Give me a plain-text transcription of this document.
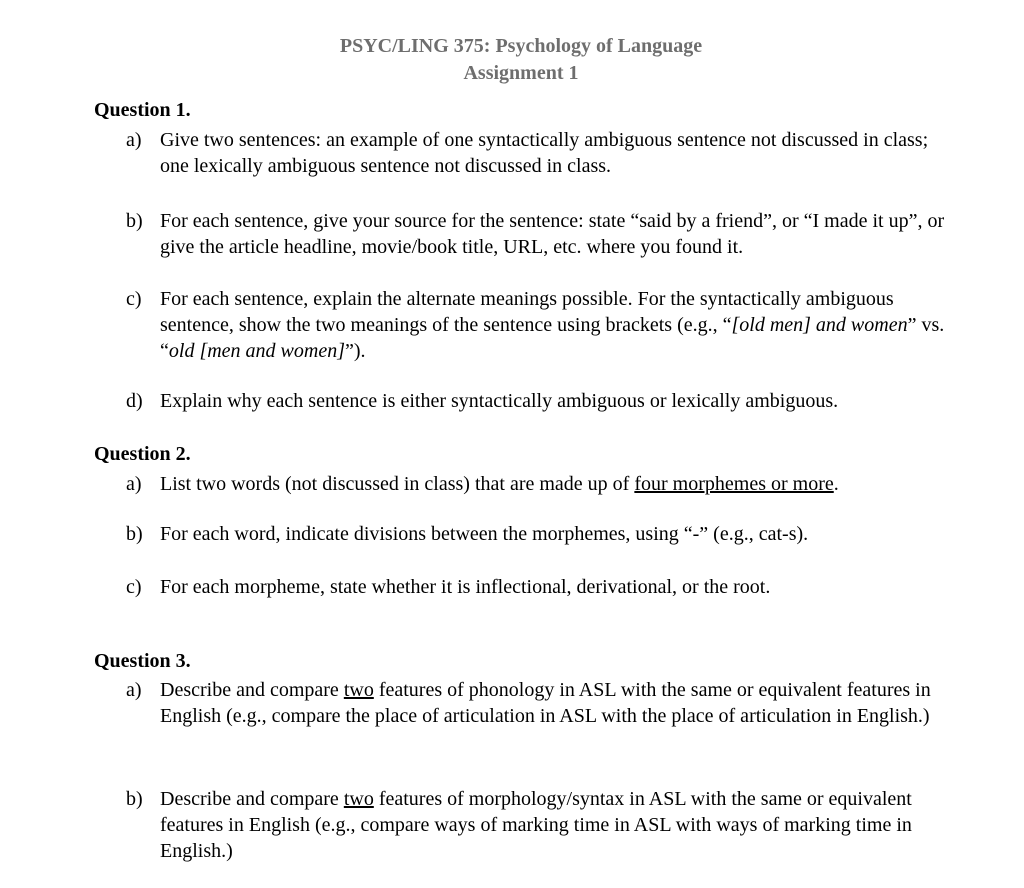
PSYC/LING 375: Psychology of Language
Assignment 1
Question 1.
a) Give two sentences: an example of one syntactically ambiguous sentence not discussed in class; one lexically ambiguous sentence not discussed in class.
b) For each sentence, give your source for the sentence: state “said by a friend”, or “I made it up”, or give the article headline, movie/book title, URL, etc. where you found it.
c) For each sentence, explain the alternate meanings possible. For the syntactically ambiguous sentence, show the two meanings of the sentence using brackets (e.g., “[old men] and women” vs. “old [men and women]”).
d) Explain why each sentence is either syntactically ambiguous or lexically ambiguous.
Question 2.
a) List two words (not discussed in class) that are made up of four morphemes or more.
b) For each word, indicate divisions between the morphemes, using “-” (e.g., cat-s).
c) For each morpheme, state whether it is inflectional, derivational, or the root.
Question 3.
a) Describe and compare two features of phonology in ASL with the same or equivalent features in English (e.g., compare the place of articulation in ASL with the place of articulation in English.)
b) Describe and compare two features of morphology/syntax in ASL with the same or equivalent features in English (e.g., compare ways of marking time in ASL with ways of marking time in English.)
